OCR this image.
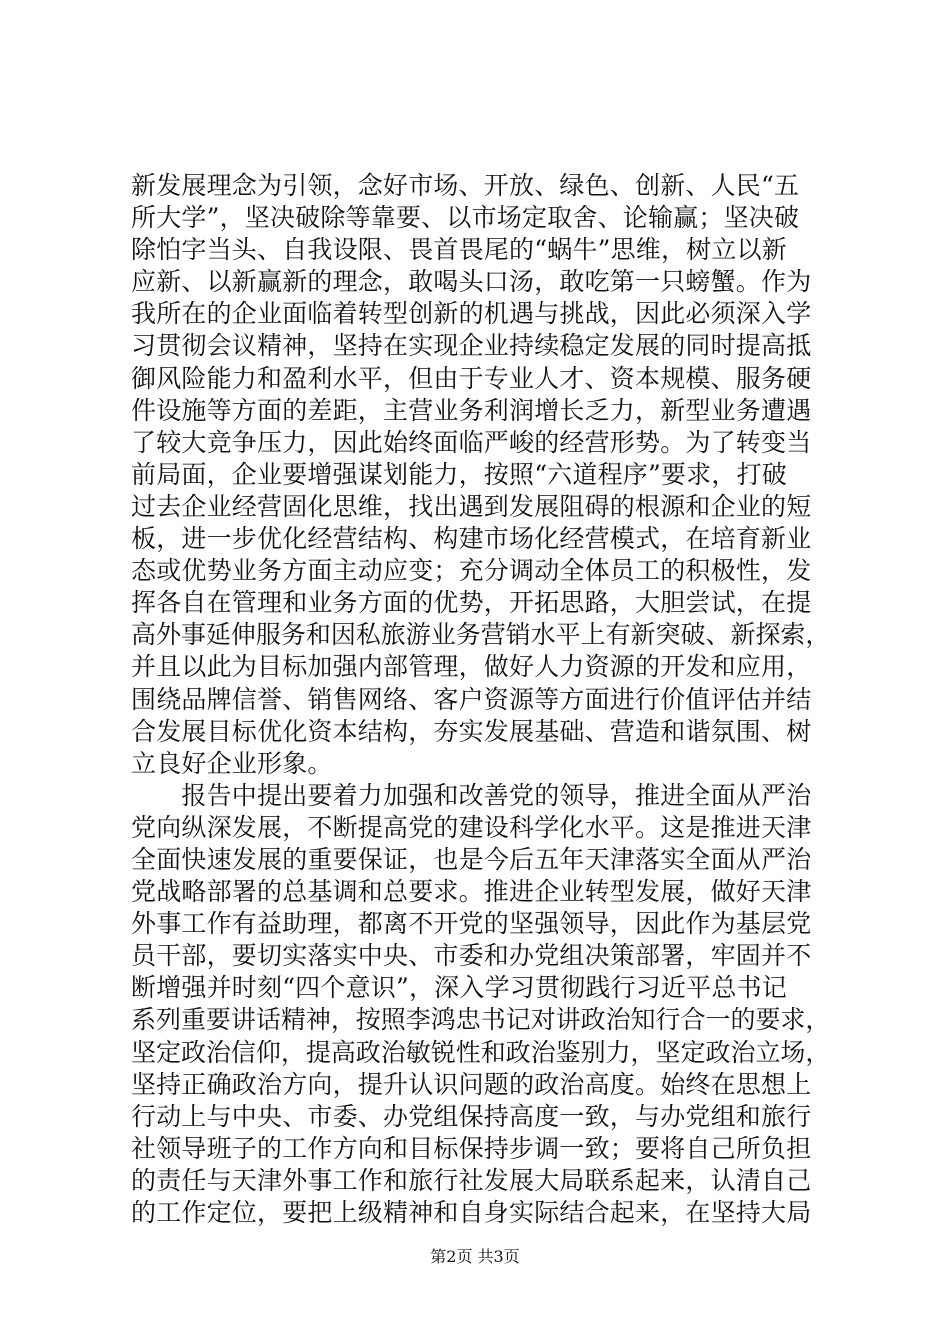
新发展理念为引领，念好市场、开放、绿色、创新、人民“五
所大学”，坚决破除等靠要、以市场定取舍、论输赢；坚决破
除怕字当头、自我设限、畏首畏尾的“蜗牛”思维，树立以新
应新、以新赢新的理念，敢喝头口汤，敢吃第一只螃蟹。作为
我所在的企业面临着转型创新的机遇与挑战，因此必须深入学
习贯彻会议精神，坚持在实现企业持续稳定发展的同时提高抵
御风险能力和盈利水平，但由于专业人才、资本规模、服务硬
件设施等方面的差距，主营业务利润增长乏力，新型业务遭遇
了较大竞争压力，因此始终面临严峻的经营形势。为了转变当
前局面，企业要增强谋划能力，按照“六道程序”要求，打破
过去企业经营固化思维，找出遇到发展阻碍的根源和企业的短
板，进一步优化经营结构、构建市场化经营模式，在培育新业
态或优势业务方面主动应变；充分调动全体员工的积极性，发
挥各自在管理和业务方面的优势，开拓思路，大胆尝试，在提
高外事延伸服务和因私旅游业务营销水平上有新突破、新探索，
并且以此为目标加强内部管理，做好人力资源的开发和应用，
围绕品牌信誉、销售网络、客户资源等方面进行价值评估并结
合发展目标优化资本结构，夯实发展基础、营造和谐氛围、树
立良好企业形象。
　　报告中提出要着力加强和改善党的领导，推进全面从严治
党向纵深发展，不断提高党的建设科学化水平。这是推进天津
全面快速发展的重要保证，也是今后五年天津落实全面从严治
党战略部署的总基调和总要求。推进企业转型发展，做好天津
外事工作有益助理，都离不开党的坚强领导，因此作为基层党
员干部，要切实落实中央、市委和办党组决策部署，牢固并不
断增强并时刻“四个意识”，深入学习贯彻践行习近平总书记
系列重要讲话精神，按照李鸿忠书记对讲政治知行合一的要求，
坚定政治信仰，提高政治敏锐性和政治鉴别力，坚定政治立场，
坚持正确政治方向，提升认识问题的政治高度。始终在思想上
行动上与中央、市委、办党组保持高度一致，与办党组和旅行
社领导班子的工作方向和目标保持步调一致；要将自己所负担
的责任与天津外事工作和旅行社发展大局联系起来，认清自己
的工作定位，要把上级精神和自身实际结合起来，在坚持大局
第2页 共3页
